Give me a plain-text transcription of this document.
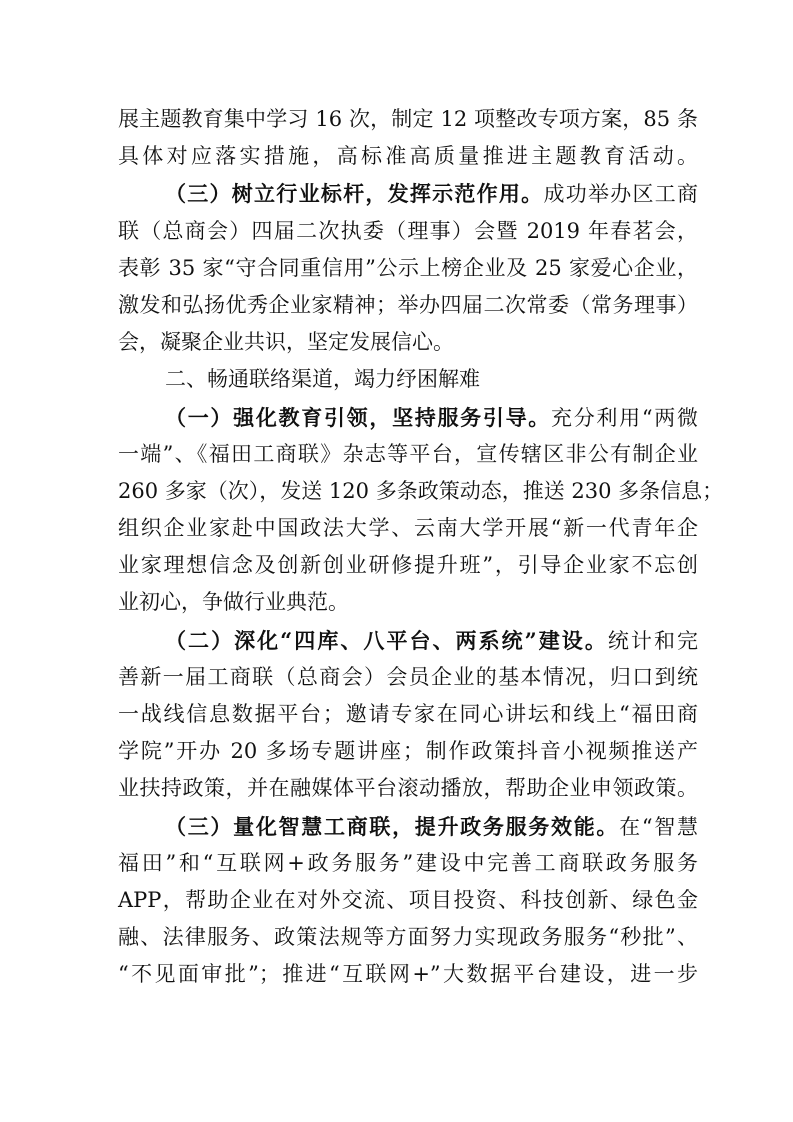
展主题教育集中学习 16 次，制定 12 项整改专项方案，85 条
具体对应落实措施，高标准高质量推进主题教育活动。
（三）树立行业标杆，发挥示范作用。成功举办区工商
联（总商会）四届二次执委（理事）会暨 2019 年春茗会，
表彰 35 家“守合同重信用”公示上榜企业及 25 家爱心企业，
激发和弘扬优秀企业家精神；举办四届二次常委（常务理事）
会，凝聚企业共识，坚定发展信心。
二、畅通联络渠道，竭力纾困解难
（一）强化教育引领，坚持服务引导。充分利用“两微
一端”、《福田工商联》杂志等平台，宣传辖区非公有制企业
260 多家（次），发送 120 多条政策动态，推送 230 多条信息；
组织企业家赴中国政法大学、云南大学开展“新一代青年企
业家理想信念及创新创业研修提升班”，引导企业家不忘创
业初心，争做行业典范。
（二）深化“四库、八平台、两系统”建设。统计和完
善新一届工商联（总商会）会员企业的基本情况，归口到统
一战线信息数据平台；邀请专家在同心讲坛和线上“福田商
学院”开办 20 多场专题讲座；制作政策抖音小视频推送产
业扶持政策，并在融媒体平台滚动播放，帮助企业申领政策。
（三）量化智慧工商联，提升政务服务效能。在“智慧
福田”和“互联网+政务服务”建设中完善工商联政务服务
APP，帮助企业在对外交流、项目投资、科技创新、绿色金
融、法律服务、政策法规等方面努力实现政务服务“秒批”、
“不见面审批”；推进“互联网+”大数据平台建设，进一步
